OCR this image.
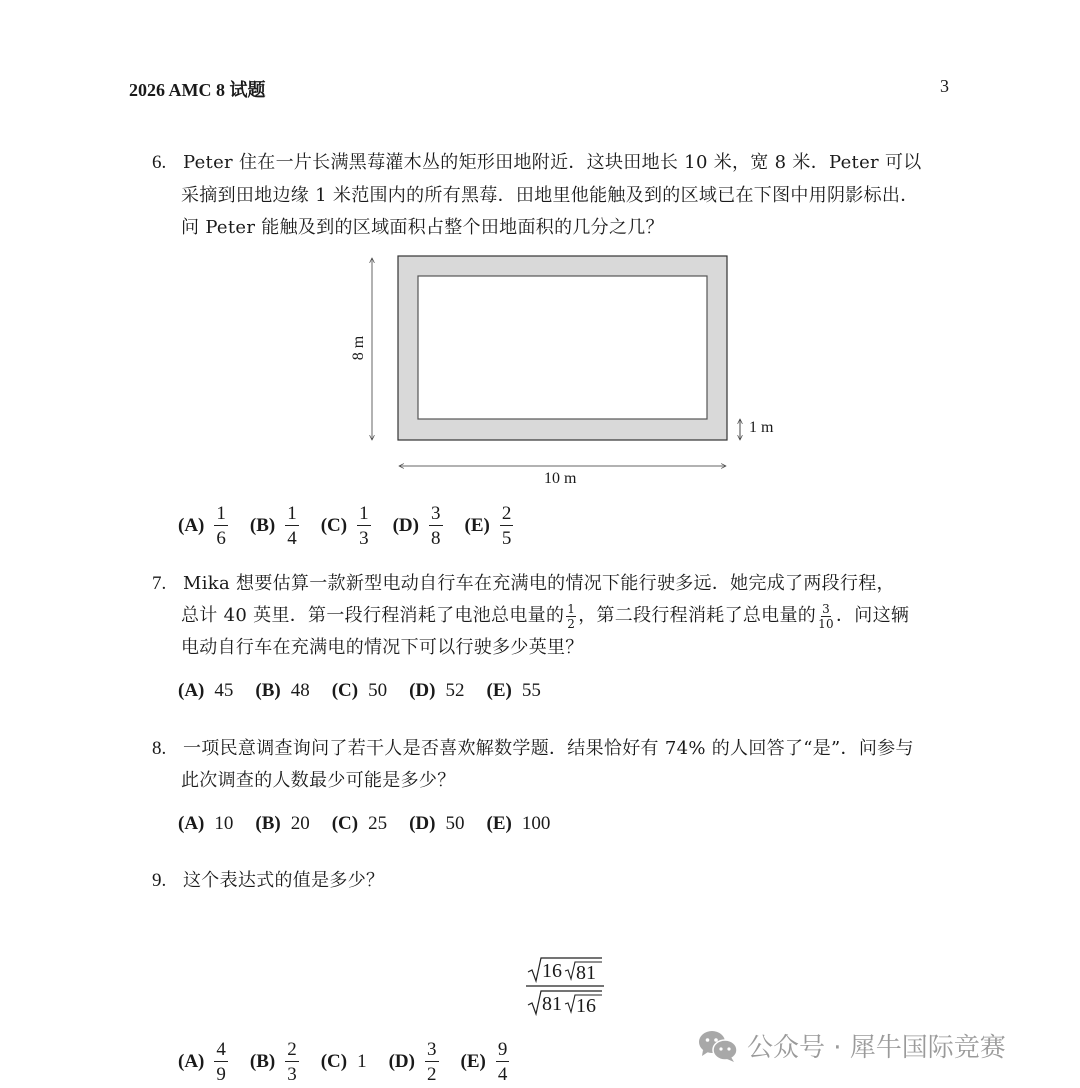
2026 AMC 8 试题	3
6. Peter 住在一片长满黑莓灌木丛的矩形田地附近．这块田地长 10 米，宽 8 米．Peter 可以
采摘到田地边缘 1 米范围内的所有黑莓．田地里他能触及到的区域已在下图中用阴影标出．
问 Peter 能触及到的区域面积占整个田地面积的几分之几？
8 m
10 m
1 m
$(A) \frac{1}{6} (B) \frac{1}{4} (C) \frac{1}{3} (D) \frac{3}{8} (E) \frac{2}{5}$
7. Mika 想要估算一款新型电动自行车在充满电的情况下能行驶多远．她完成了两段行程，
总计 40 英里．第一段行程消耗了电池总电量的 $\frac{1}{2}$ ，第二段行程消耗了总电量的 $\frac{3}{10}$ ．问这辆
电动自行车在充满电的情况下可以行驶多少英里？
(A) 45 (B) 48 (C) 50 (D) 52 (E) 55
8. 一项民意调查询问了若干人是否喜欢解数学题．结果恰好有 74% 的人回答了“是”．问参与
此次调查的人数最少可能是多少？
(A) 10 (B) 20 (C) 25 (D) 50 (E) 100
9. 这个表达式的值是多少？
16 81
81 16
$(A) \frac{4}{9} (B) \frac{2}{3} (C)$ 1 $(D) \frac{3}{2} (E) \frac{9}{4}$	公众号 · 犀牛国际竞赛
